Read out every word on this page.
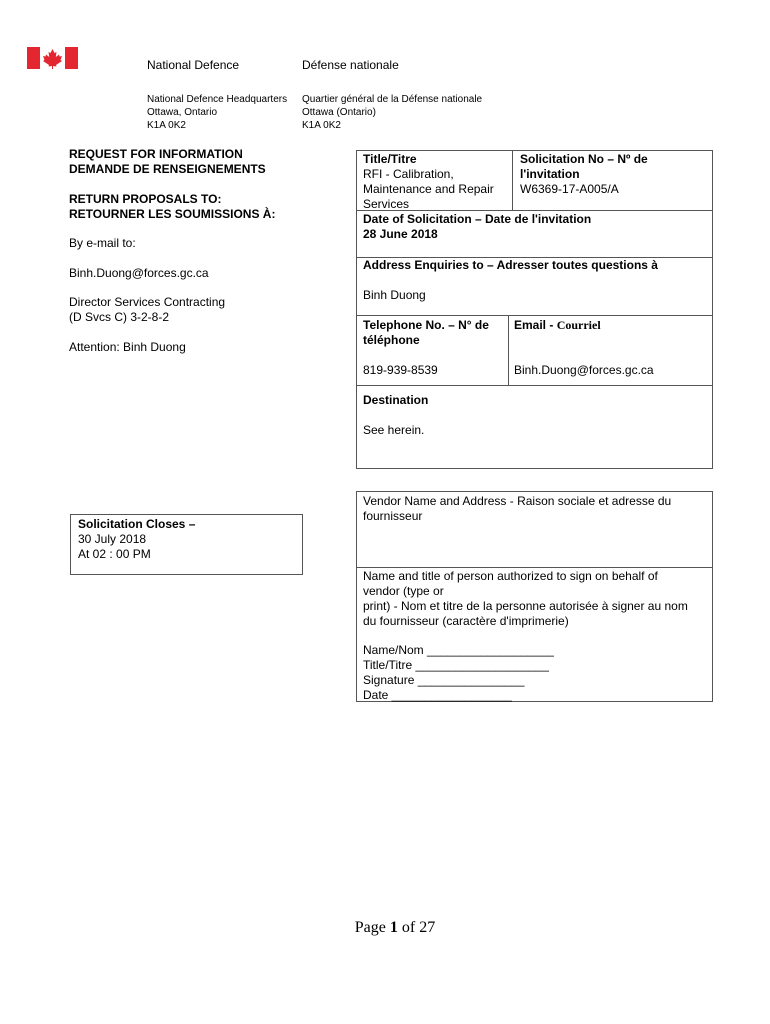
National Defence	Défense nationale
National Defence Headquarters
Ottawa, Ontario
K1A 0K2
Quartier général de la Défense nationale
Ottawa (Ontario)
K1A 0K2
REQUEST FOR INFORMATION
DEMANDE DE RENSEIGNEMENTS
RETURN PROPOSALS TO:
RETOURNER LES SOUMISSIONS À:
By e-mail to:
Binh.Duong@forces.gc.ca
Director Services Contracting
(D Svcs C) 3-2-8-2
Attention: Binh Duong
Solicitation Closes –
30 July 2018
At 02 : 00 PM
Title/Titre
RFI - Calibration,
Maintenance and Repair
Services
Solicitation No – Nº de
l'invitation
W6369-17-A005/A
Date of Solicitation – Date de l'invitation
28 June 2018
Address Enquiries to – Adresser toutes questions à
Binh Duong
Telephone No. – N° de
téléphone
Email - Courriel
819-939-8539	Binh.Duong@forces.gc.ca
Destination
See herein.
Vendor Name and Address - Raison sociale et adresse du
fournisseur
Name and title of person authorized to sign on behalf of
vendor (type or
print) - Nom et titre de la personne autorisée à signer au nom
du fournisseur (caractère d'imprimerie)
Name/Nom ___________________
Title/Titre ____________________
Signature ________________
Date __________________
Page 1 of 27
